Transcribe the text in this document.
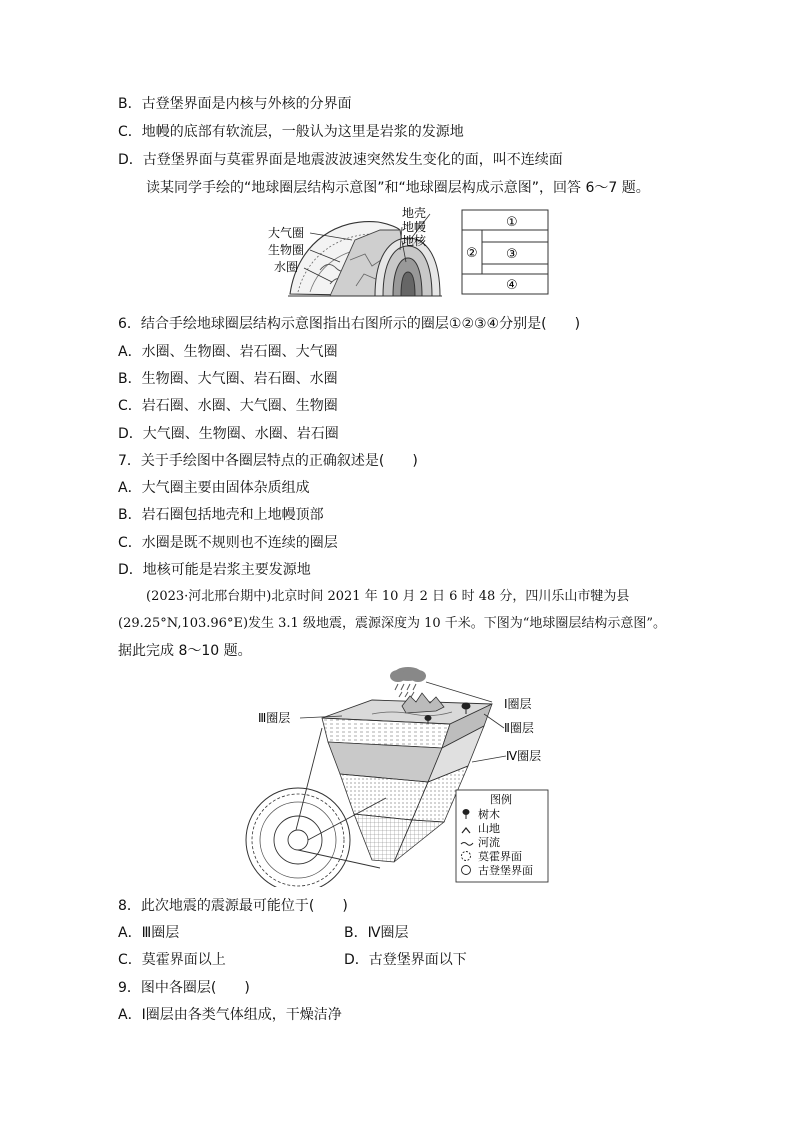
B．古登堡界面是内核与外核的分界面
C．地幔的底部有软流层，一般认为这里是岩浆的发源地
D．古登堡界面与莫霍界面是地震波波速突然发生变化的面，叫不连续面
读某同学手绘的“地球圈层结构示意图”和“地球圈层构成示意图”，回答 6～7 题。
大气圈
生物圈
水圈
地壳
地幔
地核
①
② ③
④
6．结合手绘地球圈层结构示意图指出右图所示的圈层①②③④分别是(　　)
A．水圈、生物圈、岩石圈、大气圈
B．生物圈、大气圈、岩石圈、水圈
C．岩石圈、水圈、大气圈、生物圈
D．大气圈、生物圈、水圈、岩石圈
7．关于手绘图中各圈层特点的正确叙述是(　　)
A．大气圈主要由固体杂质组成
B．岩石圈包括地壳和上地幔顶部
C．水圈是既不规则也不连续的圈层
D．地核可能是岩浆主要发源地
(2023·河北邢台期中)北京时间 2021 年 10 月 2 日 6 时 48 分，四川乐山市犍为县
(29.25°N,103.96°E)发生 3.1 级地震，震源深度为 10 千米。下图为“地球圈层结构示意图”。
据此完成 8～10 题。
Ⅰ圈层
Ⅱ圈层
Ⅲ圈层
Ⅳ圈层
图例
树木
山地
河流
莫霍界面
古登堡界面
8．此次地震的震源最可能位于(　　)
A．Ⅲ圈层	B．Ⅳ圈层
C．莫霍界面以上	D．古登堡界面以下
9．图中各圈层(　　)
A．Ⅰ圈层由各类气体组成，干燥洁净
